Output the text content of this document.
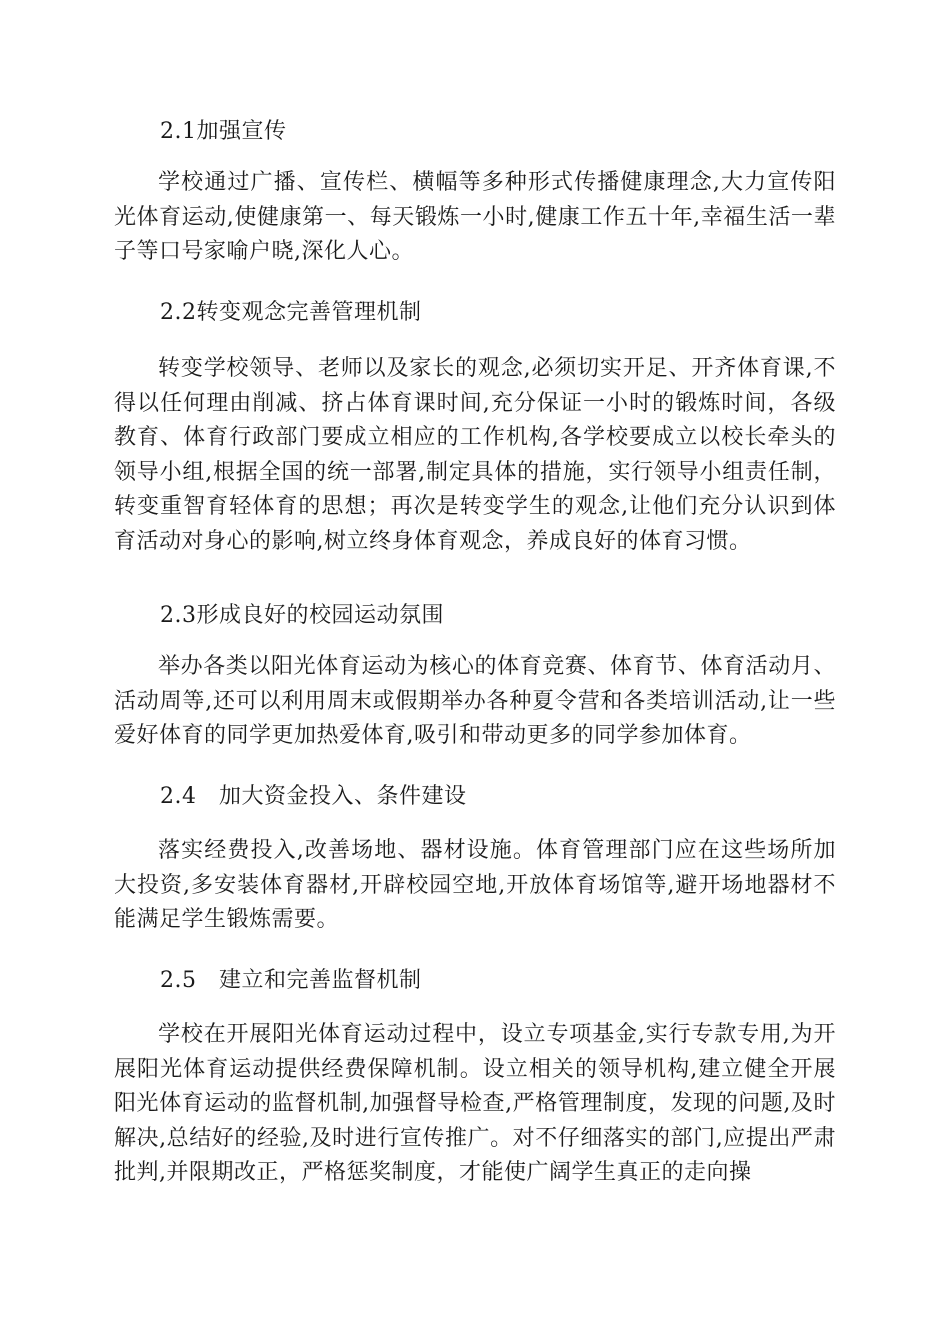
2.1加强宣传
学校通过广播、宣传栏、横幅等多种形式传播健康理念,大力宣传阳光体育运动,使健康第一、每天锻炼一小时,健康工作五十年,幸福生活一辈子等口号家喻户晓,深化人心。
2.2转变观念完善管理机制
转变学校领导、老师以及家长的观念,必须切实开足、开齐体育课,不得以任何理由削减、挤占体育课时间,充分保证一小时的锻炼时间，各级教育、体育行政部门要成立相应的工作机构,各学校要成立以校长牵头的领导小组,根据全国的统一部署,制定具体的措施，实行领导小组责任制，转变重智育轻体育的思想；再次是转变学生的观念,让他们充分认识到体育活动对身心的影响,树立终身体育观念，养成良好的体育习惯。
2.3形成良好的校园运动氛围
举办各类以阳光体育运动为核心的体育竞赛、体育节、体育活动月、活动周等,还可以利用周末或假期举办各种夏令营和各类培训活动,让一些爱好体育的同学更加热爱体育,吸引和带动更多的同学参加体育。
2.4   加大资金投入、条件建设
落实经费投入,改善场地、器材设施。体育管理部门应在这些场所加大投资,多安装体育器材,开辟校园空地,开放体育场馆等,避开场地器材不能满足学生锻炼需要。
2.5   建立和完善监督机制
学校在开展阳光体育运动过程中，设立专项基金,实行专款专用,为开展阳光体育运动提供经费保障机制。设立相关的领导机构,建立健全开展阳光体育运动的监督机制,加强督导检查,严格管理制度，发现的问题,及时解决,总结好的经验,及时进行宣传推广。对不仔细落实的部门,应提出严肃批判,并限期改正，严格惩奖制度，才能使广阔学生真正的走向操
